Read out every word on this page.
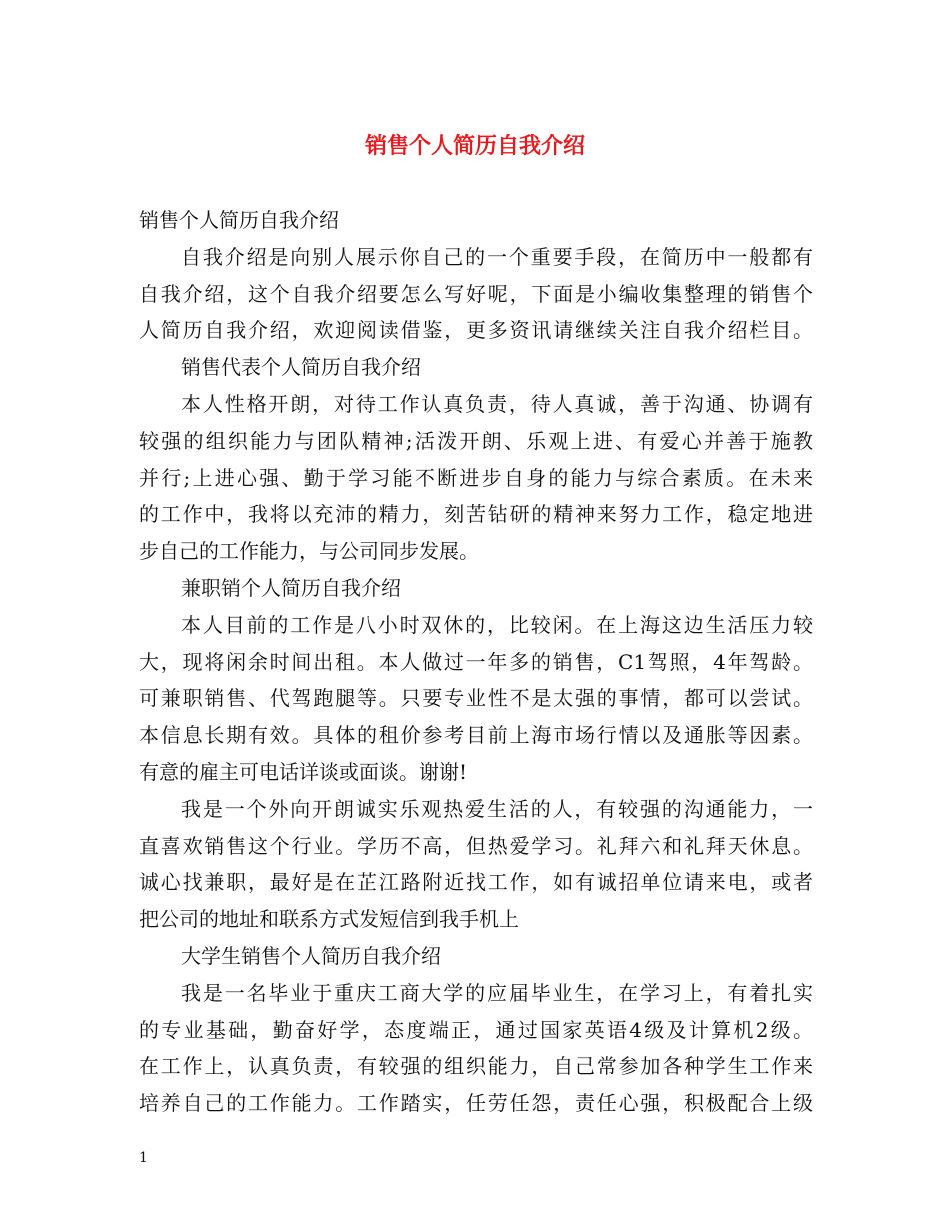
销售个人简历自我介绍
销售个人简历自我介绍
自我介绍是向别人展示你自己的一个重要手段，在简历中一般都有
自我介绍，这个自我介绍要怎么写好呢，下面是小编收集整理的销售个
人简历自我介绍，欢迎阅读借鉴，更多资讯请继续关注自我介绍栏目。
销售代表个人简历自我介绍
本人性格开朗，对待工作认真负责，待人真诚，善于沟通、协调有
较强的组织能力与团队精神;活泼开朗、乐观上进、有爱心并善于施教
并行;上进心强、勤于学习能不断进步自身的能力与综合素质。在未来
的工作中，我将以充沛的精力，刻苦钻研的精神来努力工作，稳定地进
步自己的工作能力，与公司同步发展。
兼职销个人简历自我介绍
本人目前的工作是八小时双休的，比较闲。在上海这边生活压力较
大，现将闲余时间出租。本人做过一年多的销售，C1驾照，4年驾龄。
可兼职销售、代驾跑腿等。只要专业性不是太强的事情，都可以尝试。
本信息长期有效。具体的租价参考目前上海市场行情以及通胀等因素。
有意的雇主可电话详谈或面谈。谢谢!
我是一个外向开朗诚实乐观热爱生活的人，有较强的沟通能力，一
直喜欢销售这个行业。学历不高，但热爱学习。礼拜六和礼拜天休息。
诚心找兼职，最好是在芷江路附近找工作，如有诚招单位请来电，或者
把公司的地址和联系方式发短信到我手机上
大学生销售个人简历自我介绍
我是一名毕业于重庆工商大学的应届毕业生，在学习上，有着扎实
的专业基础，勤奋好学，态度端正，通过国家英语4级及计算机2级。
在工作上，认真负责，有较强的组织能力，自己常参加各种学生工作来
培养自己的工作能力。工作踏实，任劳任怨，责任心强，积极配合上级
1
